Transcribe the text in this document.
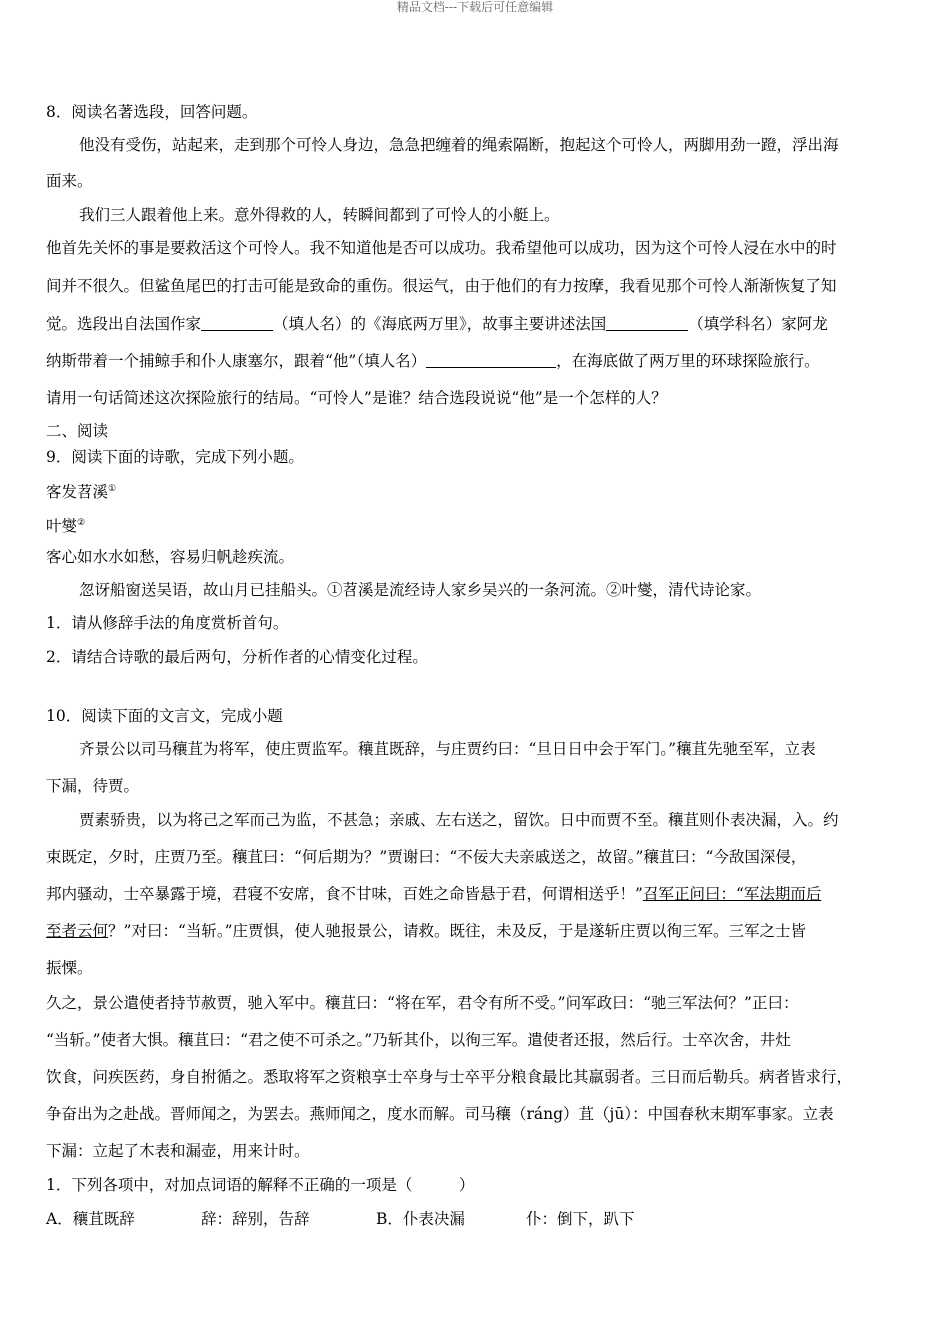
精品文档---下载后可任意编辑
8．阅读名著选段，回答问题。
他没有受伤，站起来，走到那个可怜人身边，急急把缠着的绳索隔断，抱起这个可怜人，两脚用劲一蹬，浮出海
面来。
我们三人跟着他上来。意外得救的人，转瞬间都到了可怜人的小艇上。
他首先关怀的事是要救活这个可怜人。我不知道他是否可以成功。我希望他可以成功，因为这个可怜人浸在水中的时
间并不很久。但鲨鱼尾巴的打击可能是致命的重伤。很运气，由于他们的有力按摩，我看见那个可怜人渐渐恢复了知
觉。选段出自法国作家	（填人名）的《海底两万里》，故事主要讲述法国	（填学科名）家阿龙
纳斯带着一个捕鲸手和仆人康塞尔，跟着“他”（填人名）	，在海底做了两万里的环球探险旅行。
请用一句话简述这次探险旅行的结局。“可怜人”是谁？结合选段说说“他”是一个怎样的人？
二、阅读
9．阅读下面的诗歌，完成下列小题。
客发苕溪①
叶燮②
客心如水水如愁，容易归帆趁疾流。
忽讶船窗送吴语，故山月已挂船头。①苕溪是流经诗人家乡吴兴的一条河流。②叶燮，清代诗论家。
1．请从修辞手法的角度赏析首句。
2．请结合诗歌的最后两句，分析作者的心情变化过程。
10．阅读下面的文言文，完成小题
齐景公以司马穰苴为将军，使庄贾监军。穰苴既辞，与庄贾约曰：“旦日日中会于军门。”穰苴先驰至军，立表
下漏，待贾。
贾素骄贵，以为将己之军而己为监，不甚急；亲戚、左右送之，留饮。日中而贾不至。穰苴则仆表决漏，入。约
束既定，夕时，庄贾乃至。穰苴曰：“何后期为？”贾谢曰：“不佞大夫亲戚送之，故留。”穰苴曰：“今敌国深侵，
邦内骚动，士卒暴露于境，君寝不安席，食不甘味，百姓之命皆悬于君，何谓相送乎！”召军正问曰：“军法期而后
至者云何？”对曰：“当斩。”庄贾惧，使人驰报景公，请救。既往，未及反，于是遂斩庄贾以徇三军。三军之士皆
振慄。
久之，景公遣使者持节赦贾，驰入军中。穰苴曰：“将在军，君令有所不受。”问军政曰：“驰三军法何？”正曰：
“当斩。”使者大惧。穰苴曰：“君之使不可杀之。”乃斩其仆，以徇三军。遣使者还报，然后行。士卒次舍，井灶
饮食，问疾医药，身自拊循之。悉取将军之资粮享士卒身与士卒平分粮食最比其羸弱者。三日而后勒兵。病者皆求行，
争奋出为之赴战。晋师闻之，为罢去。燕师闻之，度水而解。司马穰（ráng）苴（jū）：中国春秋末期军事家。立表
下漏：立起了木表和漏壶，用来计时。
1．下列各项中，对加点词语的解释不正确的一项是（　　　）
A．穰苴既辞	辞：辞别，告辞	B．仆表决漏	仆：倒下，趴下
